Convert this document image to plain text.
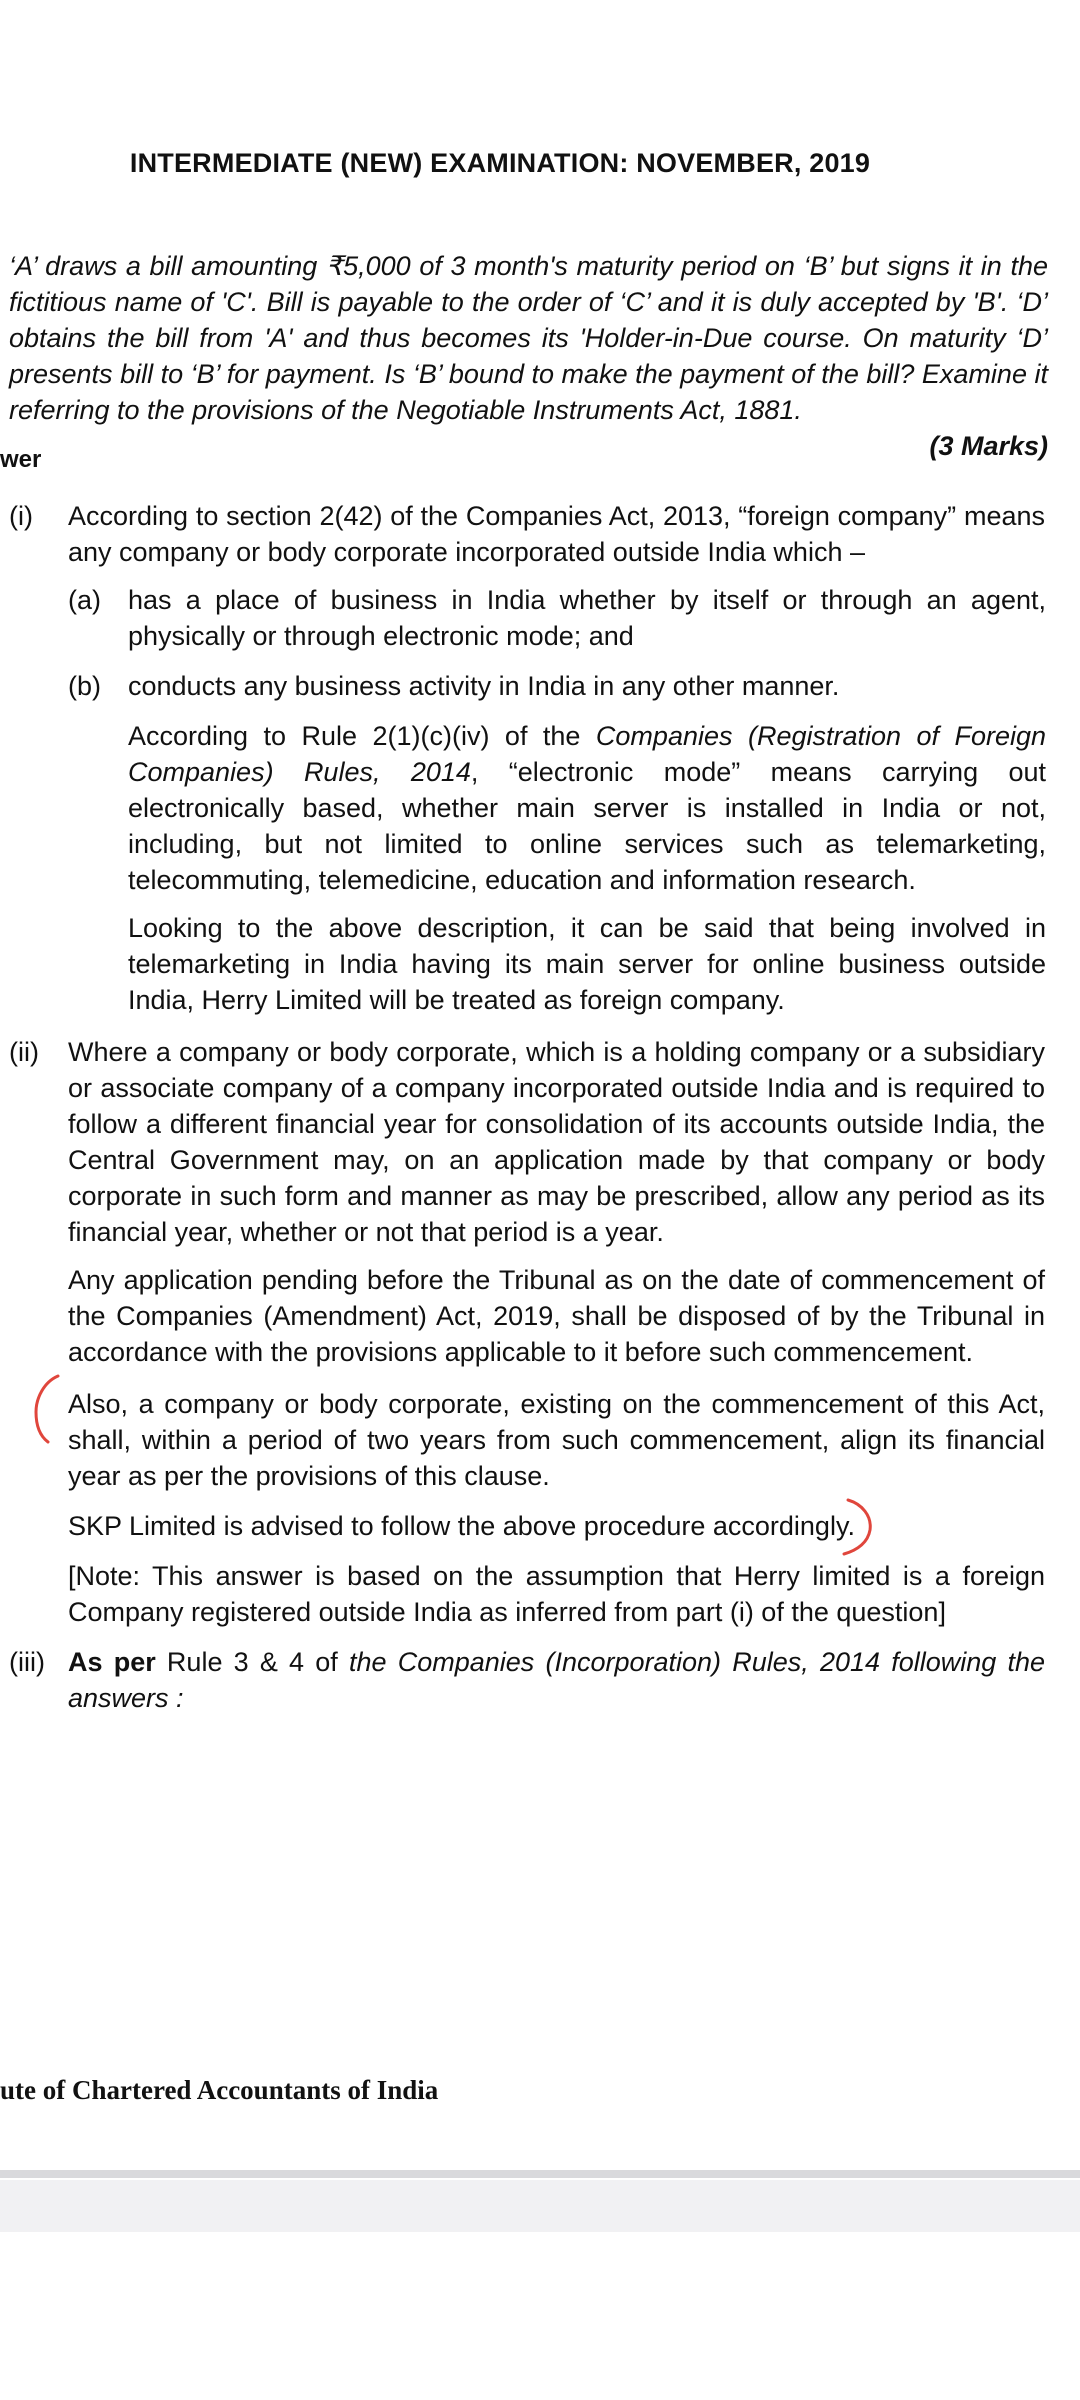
INTERMEDIATE (NEW) EXAMINATION: NOVEMBER, 2019
‘A’ draws a bill amounting ₹5,000 of 3 month's maturity period on ‘B’ but signs it in the fictitious name of 'C'. Bill is payable to the order of ‘C’ and it is duly accepted by 'B'. ‘D’ obtains the bill from 'A' and thus becomes its 'Holder-in-Due course. On maturity ‘D’ presents bill to ‘B’ for payment. Is ‘B’ bound to make the payment of the bill? Examine it referring to the provisions of the Negotiable Instruments Act, 1881.
(3 Marks)
wer
(i) According to section 2(42) of the Companies Act, 2013, “foreign company” means any company or body corporate incorporated outside India which –
(a) has a place of business in India whether by itself or through an agent, physically or through electronic mode; and
(b) conducts any business activity in India in any other manner.
According to Rule 2(1)(c)(iv) of the Companies (Registration of Foreign Companies) Rules, 2014, “electronic mode” means carrying out electronically based, whether main server is installed in India or not, including, but not limited to online services such as telemarketing, telecommuting, telemedicine, education and information research.
Looking to the above description, it can be said that being involved in telemarketing in India having its main server for online business outside India, Herry Limited will be treated as foreign company.
(ii) Where a company or body corporate, which is a holding company or a subsidiary or associate company of a company incorporated outside India and is required to follow a different financial year for consolidation of its accounts outside India, the Central Government may, on an application made by that company or body corporate in such form and manner as may be prescribed, allow any period as its financial year, whether or not that period is a year.
Any application pending before the Tribunal as on the date of commencement of the Companies (Amendment) Act, 2019, shall be disposed of by the Tribunal in accordance with the provisions applicable to it before such commencement.
Also, a company or body corporate, existing on the commencement of this Act, shall, within a period of two years from such commencement, align its financial year as per the provisions of this clause.
SKP Limited is advised to follow the above procedure accordingly.
[Note: This answer is based on the assumption that Herry limited is a foreign Company registered outside India as inferred from part (i) of the question]
(iii) As per Rule 3 & 4 of the Companies (Incorporation) Rules, 2014 following the answers :
ute of Chartered Accountants of India
